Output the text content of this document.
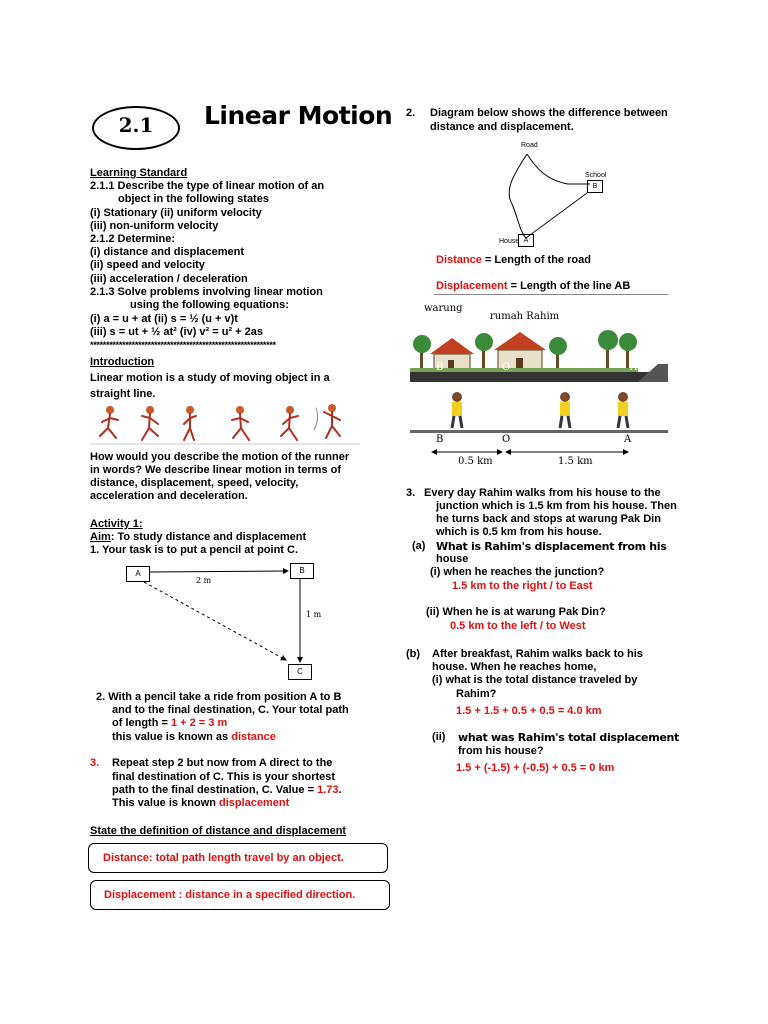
2.1	Linear Motion
Learning Standard
2.1.1 Describe the type of linear motion of an
object in the following states
(i) Stationary (ii) uniform velocity
(iii) non-uniform velocity
2.1.2 Determine:
(i) distance and displacement
(ii) speed and velocity
(iii) acceleration / deceleration
2.1.3 Solve problems involving linear motion
using the following equations:
(i) a = u + at (ii) s = ½ (u + v)t
(iii) s = ut + ½ at² (iv) v² = u² + 2as
**********************************************************
Introduction
Linear motion is a study of moving object in a
straight line.
How would you describe the motion of the runner
in words? We describe linear motion in terms of
distance, displacement, speed, velocity,
acceleration and deceleration.
Activity 1:
Aim: To study distance and displacement
1. Your task is to put a pencil at point C.
A	B
C
2 m
1 m
2. With a pencil take a ride from position A to B
and to the final destination, C. Your total path
of length = 1 + 2 = 3 m
this value is known as distance
3. Repeat step 2 but now from A direct to the
final destination of C. This is your shortest
path to the final destination, C. Value = 1.73.
This value is known displacement
State the definition of distance and displacement
Distance: total path length travel by an object.
Displacement : distance in a specified direction.
2. Diagram below shows the difference between
distance and displacement.
Road
School
B
House A
Distance = Length of the road
Displacement = Length of the line AB
warung
rumah Rahim
B	O	A
B	O	A
0.5 km	1.5 km
3. Every day Rahim walks from his house to the
junction which is 1.5 km from his house. Then
he turns back and stops at warung Pak Din
which is 0.5 km from his house.
(a) What is Rahim's displacement from his
house
(i) when he reaches the junction?
1.5 km to the right / to East
(ii) When he is at warung Pak Din?
0.5 km to the left / to West
(b) After breakfast, Rahim walks back to his
house. When he reaches home,
(i) what is the total distance traveled by
Rahim?
1.5 + 1.5 + 0.5 + 0.5 = 4.0 km
(ii) what was Rahim's total displacement
from his house?
1.5 + (-1.5) + (-0.5) + 0.5 = 0 km
